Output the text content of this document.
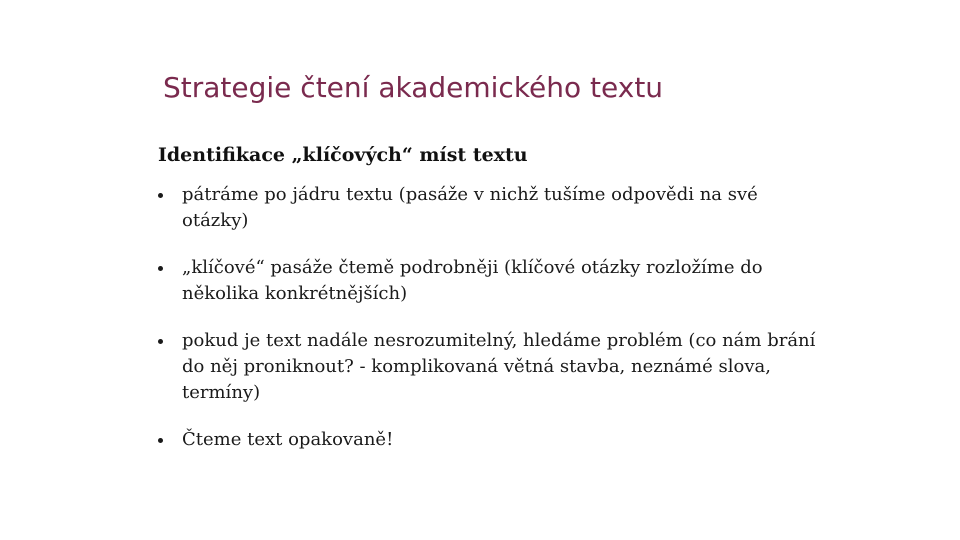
Strategie čtení akademického textu
Identifikace „klíčových“ míst textu
pátráme po jádru textu (pasáže v nichž tušíme odpovědi na své otázky)
„klíčové“ pasáže čtemě podrobněji (klíčové otázky rozložíme do několika konkrétnějších)
pokud je text nadále nesrozumitelný, hledáme problém (co nám brání do něj proniknout? - komplikovaná větná stavba, neznámé slova, termíny)
Čteme text opakovaně!
